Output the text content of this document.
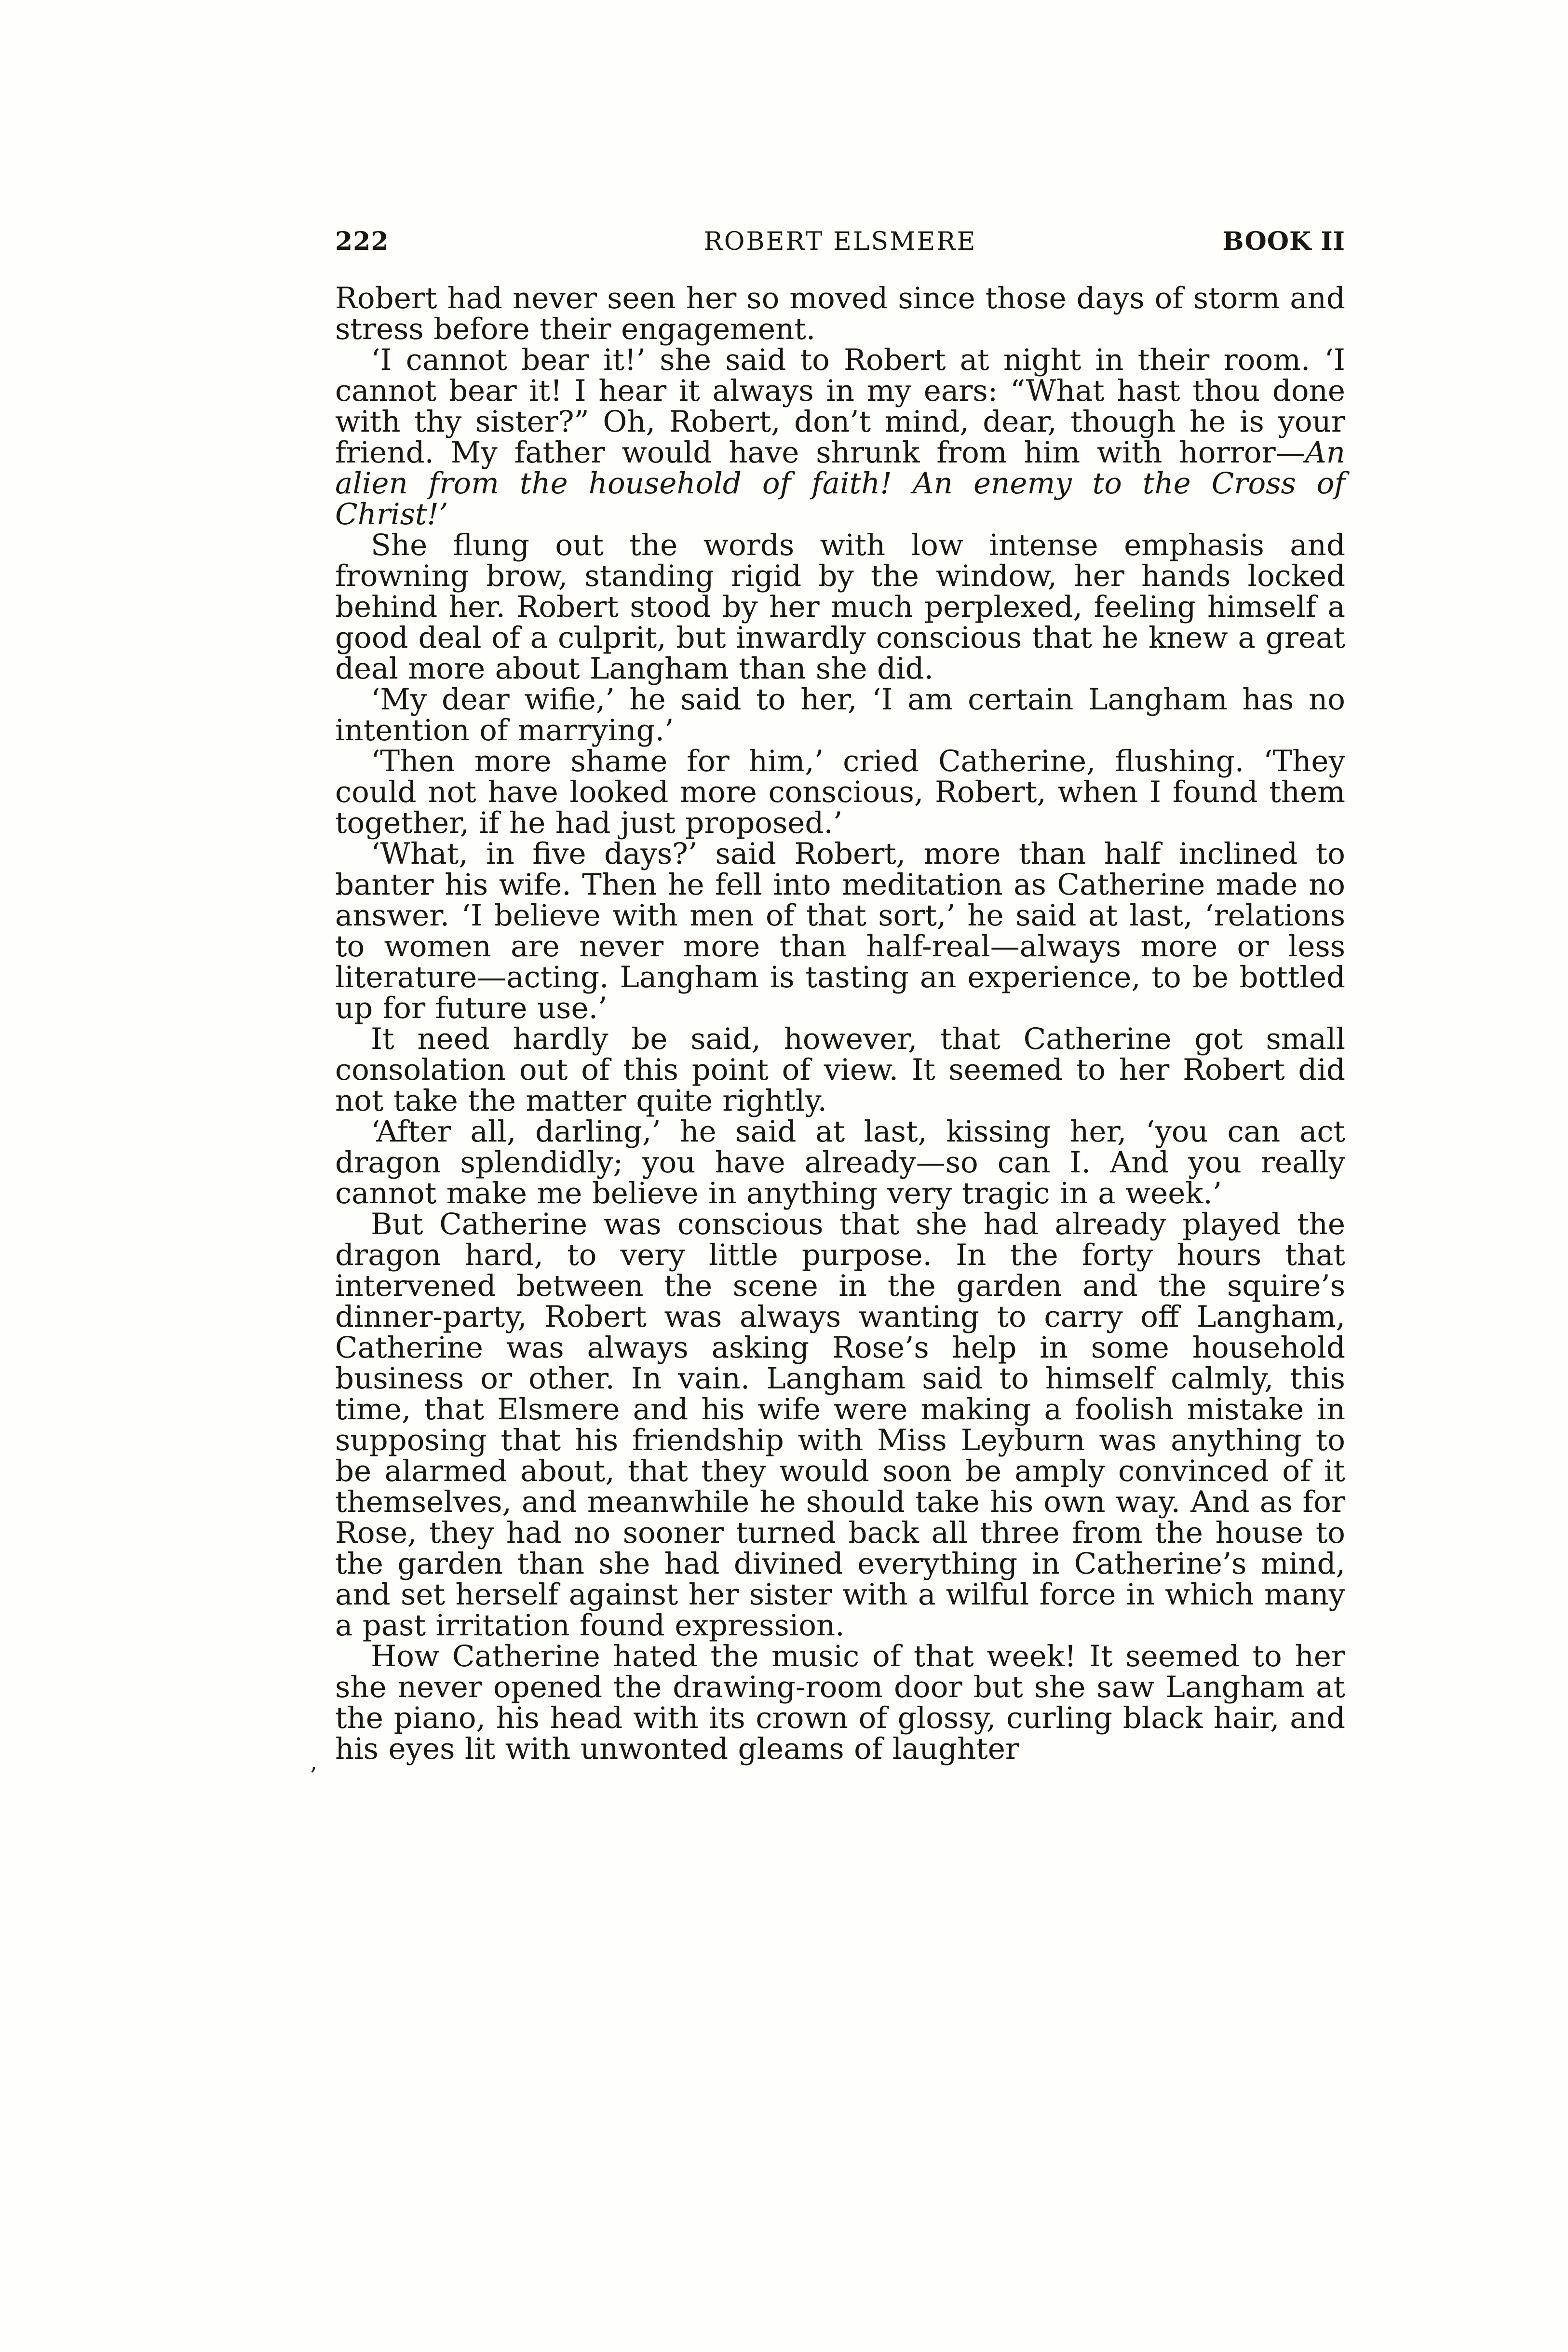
222	ROBERT ELSMERE	BOOK II

Robert had never seen her so moved since those days of storm and stress before their engagement.

‘I cannot bear it!’ she said to Robert at night in their room. ‘I cannot bear it! I hear it always in my ears: “What hast thou done with thy sister?” Oh, Robert, don’t mind, dear, though he is your friend. My father would have shrunk from him with horror—An alien from the household of faith! An enemy to the Cross of Christ!’

She flung out the words with low intense emphasis and frowning brow, standing rigid by the window, her hands locked behind her. Robert stood by her much perplexed, feeling himself a good deal of a culprit, but inwardly conscious that he knew a great deal more about Langham than she did.

‘My dear wifie,’ he said to her, ‘I am certain Langham has no intention of marrying.’

‘Then more shame for him,’ cried Catherine, flushing. ‘They could not have looked more conscious, Robert, when I found them together, if he had just proposed.’

‘What, in five days?’ said Robert, more than half inclined to banter his wife. Then he fell into meditation as Catherine made no answer. ‘I believe with men of that sort,’ he said at last, ‘relations to women are never more than half-real—always more or less literature—acting. Langham is tasting an experience, to be bottled up for future use.’

It need hardly be said, however, that Catherine got small consolation out of this point of view. It seemed to her Robert did not take the matter quite rightly.

‘After all, darling,’ he said at last, kissing her, ‘you can act dragon splendidly; you have already—so can I. And you really cannot make me believe in anything very tragic in a week.’

But Catherine was conscious that she had already played the dragon hard, to very little purpose. In the forty hours that intervened between the scene in the garden and the squire’s dinner-party, Robert was always wanting to carry off Langham, Catherine was always asking Rose’s help in some household business or other. In vain. Langham said to himself calmly, this time, that Elsmere and his wife were making a foolish mistake in supposing that his friendship with Miss Leyburn was anything to be alarmed about, that they would soon be amply convinced of it themselves, and meanwhile he should take his own way. And as for Rose, they had no sooner turned back all three from the house to the garden than she had divined everything in Catherine’s mind, and set herself against her sister with a wilful force in which many a past irritation found expression.

How Catherine hated the music of that week! It seemed to her she never opened the drawing-room door but she saw Langham at the piano, his head with its crown of glossy, curling black hair, and his eyes lit with unwonted gleams of laughter

’
